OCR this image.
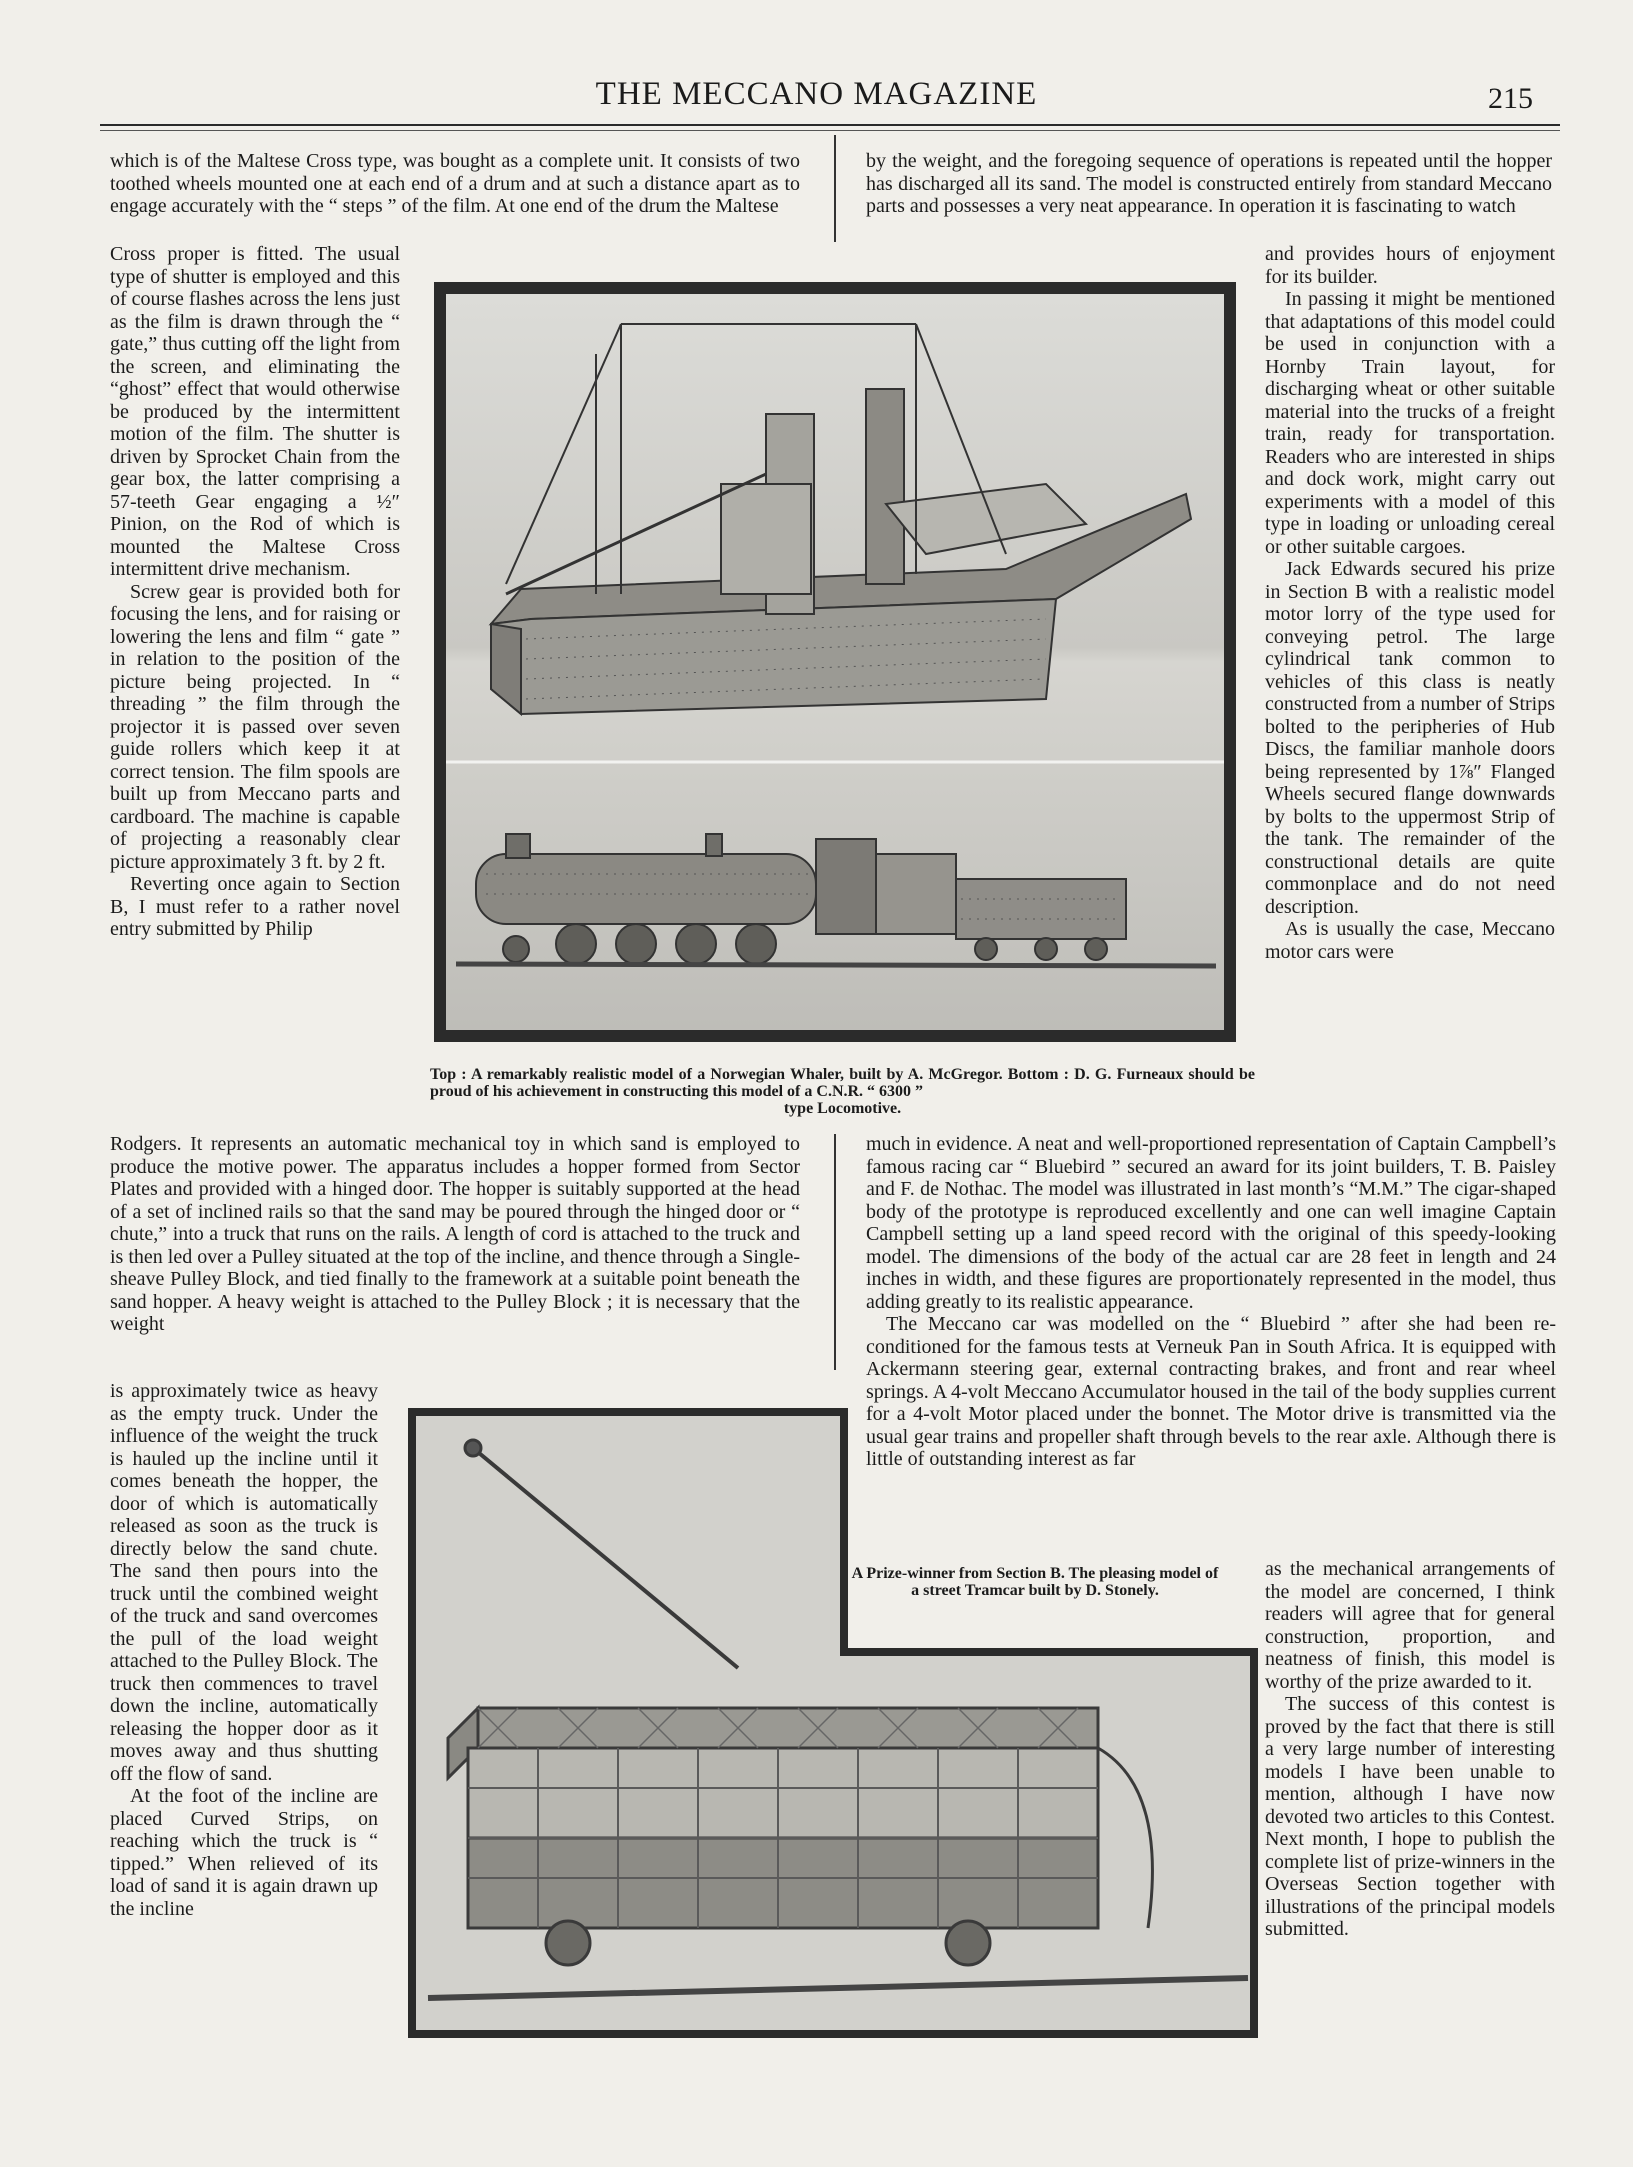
THE MECCANO MAGAZINE	215
which is of the Maltese Cross type, was bought as a complete unit. It consists of two toothed wheels mounted one at each end of a drum and at such a distance apart as to engage accurately with the “ steps ” of the film. At one end of the drum the Maltese
Cross proper is fitted. The usual type of shutter is employed and this of course flashes across the lens just as the film is drawn through the “ gate,” thus cutting off the light from the screen, and eliminating the “ghost” effect that would otherwise be produced by the intermittent motion of the film. The shutter is driven by Sprocket Chain from the gear box, the latter comprising a 57-teeth Gear engaging a ½″ Pinion, on the Rod of which is mounted the Maltese Cross intermittent drive mechanism.
Screw gear is provided both for focusing the lens, and for raising or lowering the lens and film “ gate ” in relation to the position of the picture being projected. In “ threading ” the film through the projector it is passed over seven guide rollers which keep it at correct tension. The film spools are built up from Meccano parts and cardboard. The machine is capable of projecting a reasonably clear picture approximately 3 ft. by 2 ft.
Reverting once again to Section B, I must refer to a rather novel entry submitted by Philip
Rodgers. It represents an automatic mechanical toy in which sand is employed to produce the motive power. The apparatus includes a hopper formed from Sector Plates and provided with a hinged door. The hopper is suitably supported at the head of a set of inclined rails so that the sand may be poured through the hinged door or “ chute,” into a truck that runs on the rails. A length of cord is attached to the truck and is then led over a Pulley situated at the top of the incline, and thence through a Single-sheave Pulley Block, and tied finally to the framework at a suitable point beneath the sand hopper. A heavy weight is attached to the Pulley Block ; it is necessary that the weight
is approximately twice as heavy as the empty truck. Under the influence of the weight the truck is hauled up the incline until it comes beneath the hopper, the door of which is automatically released as soon as the truck is directly below the sand chute. The sand then pours into the truck until the combined weight of the truck and sand overcomes the pull of the load weight attached to the Pulley Block. The truck then commences to travel down the incline, automatically releasing the hopper door as it moves away and thus shutting off the flow of sand.
At the foot of the incline are placed Curved Strips, on reaching which the truck is “ tipped.” When relieved of its load of sand it is again drawn up the incline
by the weight, and the foregoing sequence of operations is repeated until the hopper has discharged all its sand. The model is constructed entirely from standard Meccano parts and possesses a very neat appearance. In operation it is fascinating to watch
and provides hours of enjoyment for its builder.
In passing it might be mentioned that adaptations of this model could be used in conjunction with a Hornby Train layout, for discharging wheat or other suitable material into the trucks of a freight train, ready for transportation. Readers who are interested in ships and dock work, might carry out experiments with a model of this type in loading or unloading cereal or other suitable cargoes.
Jack Edwards secured his prize in Section B with a realistic model motor lorry of the type used for conveying petrol. The large cylindrical tank common to vehicles of this class is neatly constructed from a number of Strips bolted to the peripheries of Hub Discs, the familiar manhole doors being represented by 1⅞″ Flanged Wheels secured flange downwards by bolts to the uppermost Strip of the tank. The remainder of the constructional details are quite commonplace and do not need description.
As is usually the case, Meccano motor cars were
much in evidence. A neat and well-proportioned representation of Captain Campbell’s famous racing car “ Bluebird ” secured an award for its joint builders, T. B. Paisley and F. de Nothac. The model was illustrated in last month’s “M.M.” The cigar-shaped body of the prototype is reproduced excellently and one can well imagine Captain Campbell setting up a land speed record with the original of this speedy-looking model. The dimensions of the body of the actual car are 28 feet in length and 24 inches in width, and these figures are proportionately represented in the model, thus adding greatly to its realistic appearance.
The Meccano car was modelled on the “ Bluebird ” after she had been re-conditioned for the famous tests at Verneuk Pan in South Africa. It is equipped with Ackermann steering gear, external contracting brakes, and front and rear wheel springs. A 4-volt Meccano Accumulator housed in the tail of the body supplies current for a 4-volt Motor placed under the bonnet. The Motor drive is transmitted via the usual gear trains and propeller shaft through bevels to the rear axle. Although there is little of outstanding interest as far
as the mechanical arrangements of the model are concerned, I think readers will agree that for general construction, proportion, and neatness of finish, this model is worthy of the prize awarded to it.
The success of this contest is proved by the fact that there is still a very large number of interesting models I have been unable to mention, although I have now devoted two articles to this Contest. Next month, I hope to publish the complete list of prize-winners in the Overseas Section together with illustrations of the principal models submitted.
Top : A remarkably realistic model of a Norwegian Whaler, built by A. McGregor. Bottom : D. G. Furneaux should be proud of his achievement in constructing this model of a C.N.R. “ 6300 ”
type Locomotive.
A Prize-winner from Section B. The pleasing model of a street Tramcar built by D. Stonely.
